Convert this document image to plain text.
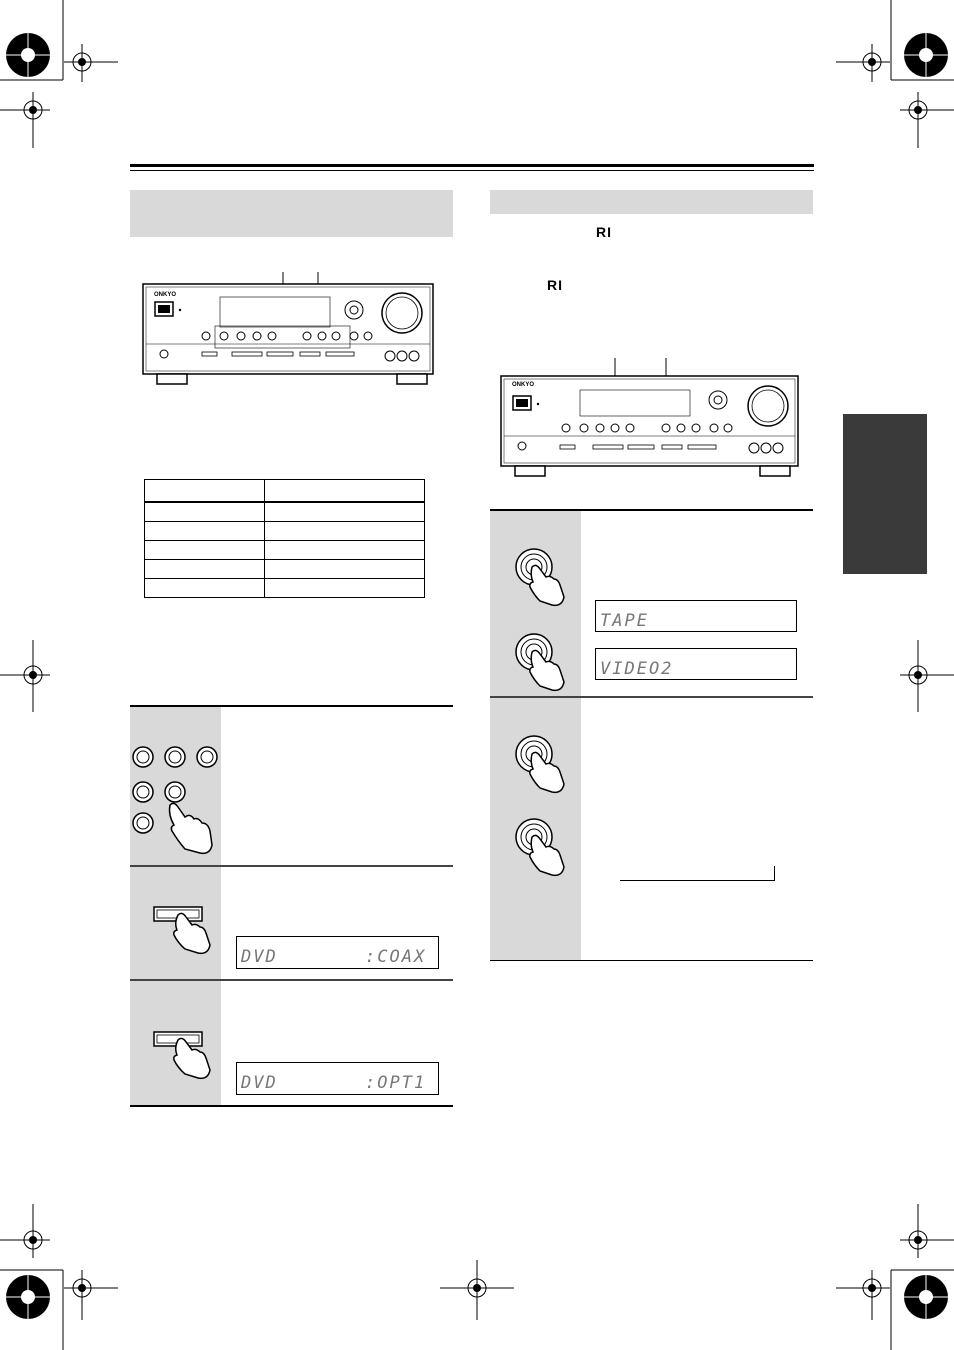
RI
RI
ONKYO

DVD	:COAX
DVD	:OPT1
ONKYO
TAPE
VIDEO2
